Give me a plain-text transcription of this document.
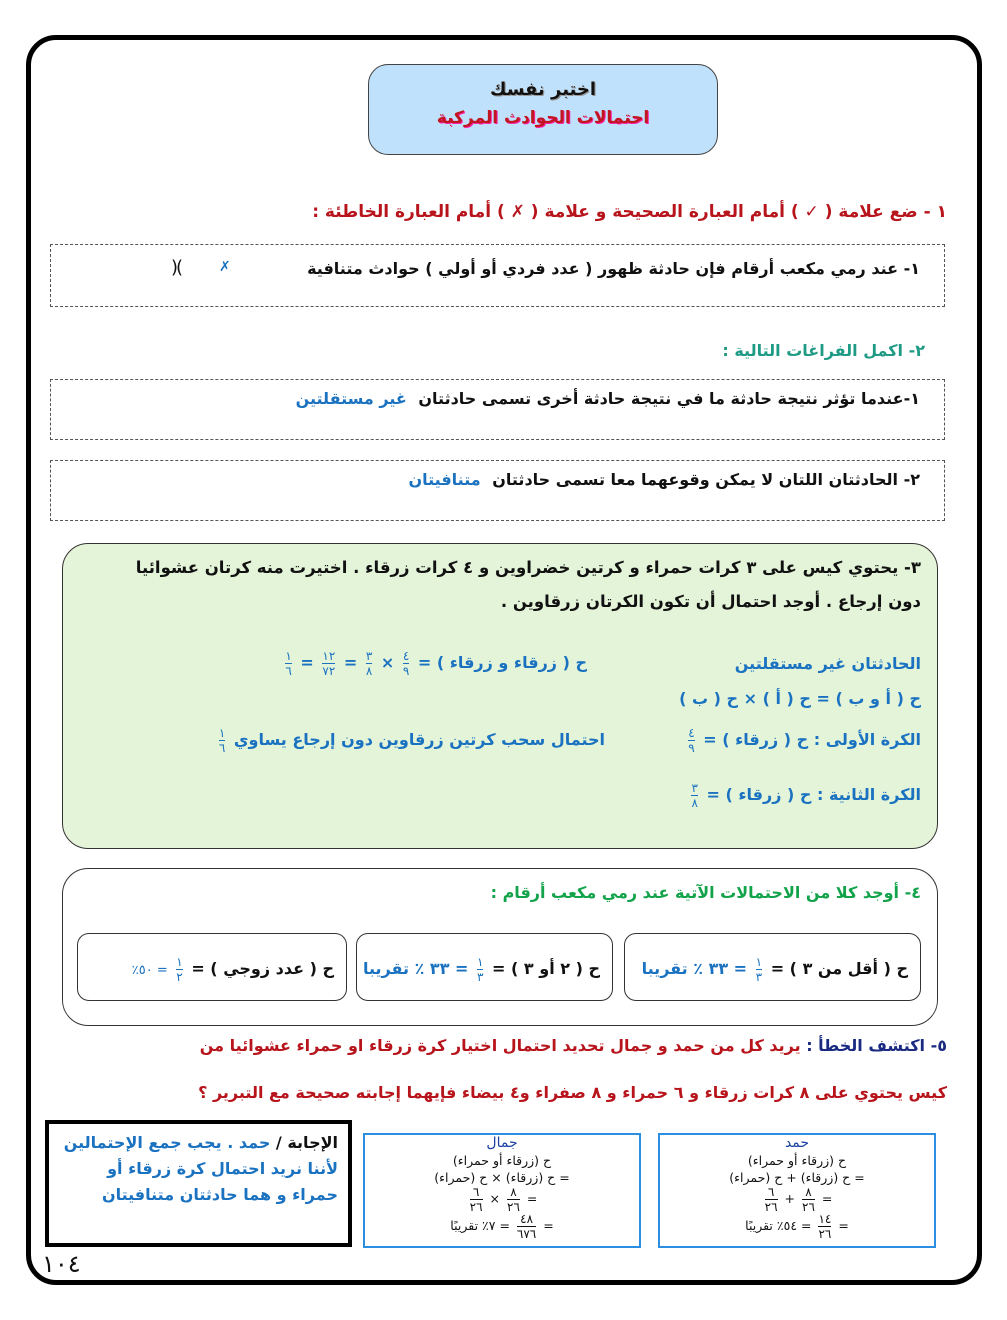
اختبر نفسك
احتمالات الحوادث المركبة
١ - ضع علامة ( ✓ ) أمام العبارة الصحيحة و علامة ( ✗ ) أمام العبارة الخاطئة :
١- عند رمي مكعب أرقام فإن حادثة ظهور ( عدد فردي أو أولي ) حوادث متنافية
(	✗
)
٢- اكمل الفراغات التالية :
١-عندما تؤثر نتيجة حادثة ما في نتيجة حادثة أخرى تسمى حادثتان غير مستقلتين
٢- الحادثتان اللتان لا يمكن وقوعهما معا تسمى حادثتان متنافيتان
٣- يحتوي كيس على ٣ كرات حمراء و كرتين خضراوين و ٤ كرات زرقاء . اختيرت منه كرتان عشوائيا
دون إرجاع . أوجد احتمال أن تكون الكرتان زرقاوين .
الحادثتان غير مستقلتين
ح ( أ و ب ) = ح ( أ ) × ح ( ب )
ح ( زرقاء و زرقاء ) =
$\frac{٤}{٩}$
×
$\frac{٣}{٨}$
=
$\frac{١٢}{٧٢}$
=
$\frac{١}{٦}$
الكرة الأولى : ح ( زرقاء ) =
$\frac{٤}{٩}$
الكرة الثانية : ح ( زرقاء ) =
$\frac{٣}{٨}$
احتمال سحب كرتين زرقاوين دون إرجاع يساوي
$\frac{١}{٦}$
٤- أوجد كلا من الاحتمالات الآتية عند رمي مكعب أرقام :
ح ( أقل من ٣ ) =
$\frac{١}{٣}$
= ٣٣ ٪ تقريبا
ح ( ٢ أو ٣ ) =
$\frac{١}{٣}$
= ٣٣ ٪ تقريبا
ح ( عدد زوجي ) =
$\frac{١}{٢}$
= ٥٠٪
٥- اكتشف الخطأ : يريد كل من حمد و جمال تحديد احتمال اختيار كرة زرقاء او حمراء عشوائيا من
كيس يحتوي على ٨ كرات زرقاء و ٦ حمراء و ٨ صفراء و٤ بيضاء فإيهما إجابته صحيحة مع التبرير ؟
الإجابة / حمد . يجب جمع الإحتمالين لأننا نريد احتمال كرة زرقاء أو حمراء و هما حادثتان متنافيتان
جمال
ح (زرقاء أو حمراء)
= ح (زرقاء) × ح (حمراء)
=
$\frac{٨}{٢٦}$
×
$\frac{٦}{٢٦}$
=
$\frac{٤٨}{٦٧٦}$
= ٧٪ تقريبًا
حمد
ح (زرقاء أو حمراء)
= ح (زرقاء) + ح (حمراء)
=
$\frac{٨}{٢٦}$
+
$\frac{٦}{٢٦}$
=
$\frac{١٤}{٢٦}$
= ٥٤٪ تقريبًا
١٠٤
